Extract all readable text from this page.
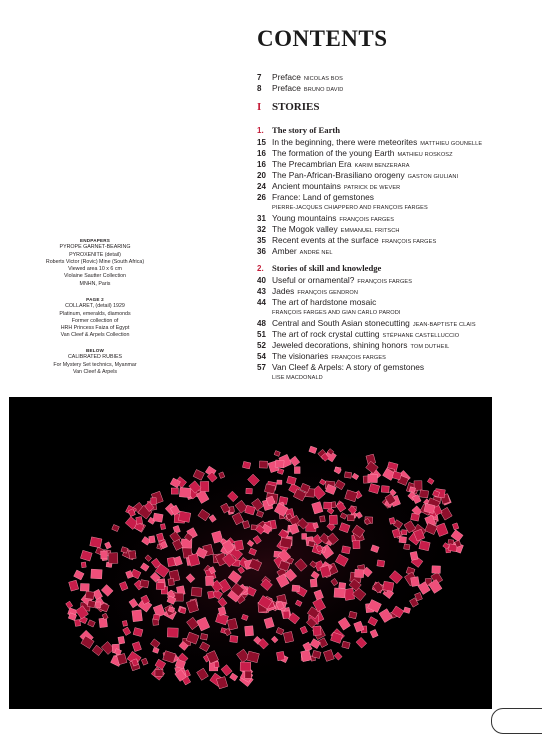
CONTENTS
7	Preface NICOLAS BOS
8	Preface BRUNO DAVID
I STORIES
1. The story of Earth
15 In the beginning, there were meteorites MATTHIEU GOUNELLE
16 The formation of the young Earth MATHIEU ROSKOSZ
16 The Precambrian Era KARIM BENZERARA
20 The Pan-African-Brasiliano orogeny GASTON GIULIANI
24 Ancient mountains PATRICK DE WEVER
26 France: Land of gemstones
PIERRE-JACQUES CHIAPPERO AND FRANÇOIS FARGES
31 Young mountains FRANÇOIS FARGES
32 The Mogok valley EMMANUEL FRITSCH
35 Recent events at the surface FRANÇOIS FARGES
36 Amber ANDRÉ NEL
2. Stories of skill and knowledge
40 Useful or ornamental? FRANÇOIS FARGES
43 Jades FRANÇOIS GENDRON
44 The art of hardstone mosaic
FRANÇOIS FARGES AND GIAN CARLO PARODI
48 Central and South Asian stonecutting JEAN-BAPTISTE CLAIS
51 The art of rock crystal cutting STÉPHANE CASTELLUCCIO
52 Jeweled decorations, shining honors TOM DUTHEIL
54 The visionaries FRANÇOIS FARGES
57 Van Cleef & Arpels: A story of gemstones
LISE MACDONALD
ENDPAPERS
PYROPE GARNET-BEARING
PYROXENITE (detail)
Roberts Victor (Rovic) Mine (South Africa)
Viewed area 10 x 6 cm
Violaine Sautter Collection
MNHN, Paris
PAGE 2
COLLARET, (detail) 1929
Platinum, emeralds, diamonds
Former collection of
HRH Princess Faiza of Egypt
Van Cleef & Arpels Collection
BELOW
CALIBRATED RUBIES
For Mystery Set technics, Myanmar
Van Cleef & Arpels
